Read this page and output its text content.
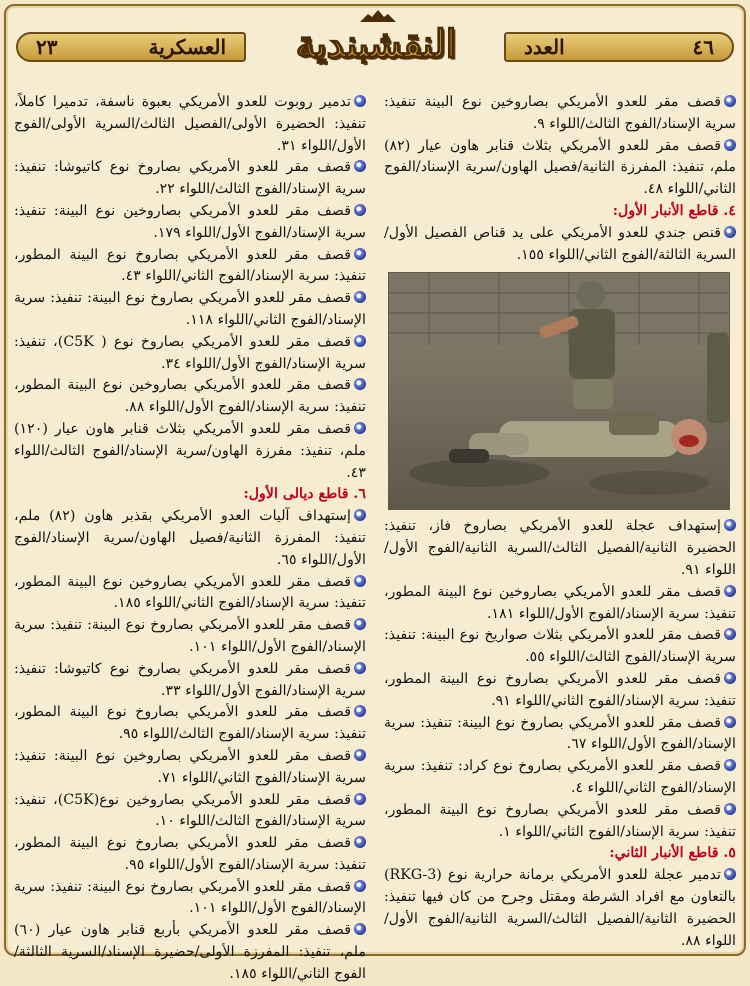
العدد	٤٦
النقشبندية
٢٣	العسكرية

قصف مقر للعدو الأمريكي بصاروخين نوع البينة تنفيذ: سرية الإسناد/الفوج الثالث/اللواء ٩.

قصف مقر للعدو الأمريكي بثلاث قنابر هاون عيار (٨٢) ملم، تنفيذ: المفرزة الثانية/فصيل الهاون/سرية الإسناد/الفوج الثاني/اللواء ٤٨.

٤. قاطع الأنبار الأول:

قنص جندي للعدو الأمريكي على يد قناص الفصيل الأول/السرية الثالثة/الفوج الثاني/اللواء ١٥٥.

إستهداف عجلة للعدو الأمريكي بصاروخ فاز، تنفيذ: الحضيرة الثانية/الفصيل الثالث/السرية الثانية/الفوج الأول/اللواء ٩١.

قصف مقر للعدو الأمريكي بصاروخين نوع البينة المطور، تنفيذ: سرية الإسناد/الفوج الأول/اللواء ١٨١.

قصف مقر للعدو الأمريكي بثلاث صواريخ نوع البينة: تنفيذ: سرية الإسناد/الفوج الثالث/اللواء ٥٥.

قصف مقر للعدو الأمريكي بصاروخ نوع البينة المطور، تنفيذ: سرية الإسناد/الفوج الثاني/اللواء ٩١.

قصف مقر للعدو الأمريكي بصاروخ نوع البينة: تنفيذ: سرية الإسناد/الفوج الأول/اللواء ٦٧.

قصف مقر للعدو الأمريكي بصاروخ نوع كراد: تنفيذ: سرية الإسناد/الفوج الثاني/اللواء ٤.

قصف مقر للعدو الأمريكي بصاروخ نوع البينة المطور، تنفيذ: سرية الإسناد/الفوج الثاني/اللواء ١.

٥. قاطع الأنبار الثاني:

تدمير عجلة للعدو الأمريكي برمانة حرارية نوع (RKG-3) بالتعاون مع افراد الشرطة ومقتل وجرح من كان فيها تنفيذ: الحضيرة الثانية/الفصيل الثالث/السرية الثانية/الفوج الأول/اللواء ٨٨.

تدمير روبوت للعدو الأمريكي بعبوة ناسفة، تدميرا كاملاً، تنفيذ: الحضيرة الأولى/الفصيل الثالث/السرية الأولى/الفوج الأول/اللواء ٣١.

قصف مقر للعدو الأمريكي بصاروخ نوع كاتيوشا: تنفيذ: سرية الإسناد/الفوج الثالث/اللواء ٢٢.

قصف مقر للعدو الأمريكي بصاروخين نوع البينة: تنفيذ: سرية الإسناد/الفوج الأول/اللواء ١٧٩.

قصف مقر للعدو الأمريكي بصاروخ نوع البينة المطور، تنفيذ: سرية الإسناد/الفوج الثاني/اللواء ٤٣.

قصف مقر للعدو الأمريكي بصاروخ نوع البينة: تنفيذ: سرية الإسناد/الفوج الثاني/اللواء ١١٨.

قصف مقر للعدو الأمريكي بصاروخ نوع ( C5K)، تنفيذ: سرية الإسناد/الفوج الأول/اللواء ٣٤.

قصف مقر للعدو الأمريكي بصاروخين نوع البينة المطور، تنفيذ: سرية الإسناد/الفوج الأول/اللواء ٨٨.

قصف مقر للعدو الأمريكي بثلاث قنابر هاون عيار (١٢٠) ملم، تنفيذ: مفرزة الهاون/سرية الإسناد/الفوج الثالث/اللواء ٤٣.

٦. قاطع ديالى الأول:

إستهداف آليات العدو الأمريكي بقذبر هاون (٨٢) ملم، تنفيذ: المفرزة الثانية/فصيل الهاون/سرية الإسناد/الفوج الأول/اللواء ٦٥.

قصف مقر للعدو الأمريكي بصاروخين نوع البينة المطور، تنفيذ: سرية الإسناد/الفوج الثاني/اللواء ١٨٥.

قصف مقر للعدو الأمريكي بصاروخ نوع البينة: تنفيذ: سرية الإسناد/الفوج الأول/اللواء ١٠١.

قصف مقر للعدو الأمريكي بصاروخ نوع كاتيوشا: تنفيذ: سرية الإسناد/الفوج الأول/اللواء ٣٣.

قصف مقر للعدو الأمريكي بصاروخ نوع البينة المطور، تنفيذ: سرية الإسناد/الفوج الثالث/اللواء ٩٥.

قصف مقر للعدو الأمريكي بصاروخين نوع البينة: تنفيذ: سرية الإسناد/الفوج الثاني/اللواء ٧١.

قصف مقر للعدو الأمريكي بصاروخين نوع(C5K)، تنفيذ: سرية الإسناد/الفوج الثالث/اللواء ١٠.

قصف مقر للعدو الأمريكي بصاروخ نوع البينة المطور، تنفيذ: سرية الإسناد/الفوج الأول/اللواء ٩٥.

قصف مقر للعدو الأمريكي بصاروخ نوع البينة: تنفيذ: سرية الإسناد/الفوج الأول/اللواء ١٠١.

قصف مقر للعدو الأمريكي بأربع قنابر هاون عيار (٦٠) ملم، تنفيذ: المفرزة الأولى/حضيرة الإسناد/السرية الثالثة/الفوج الثاني/اللواء ١٨٥.
